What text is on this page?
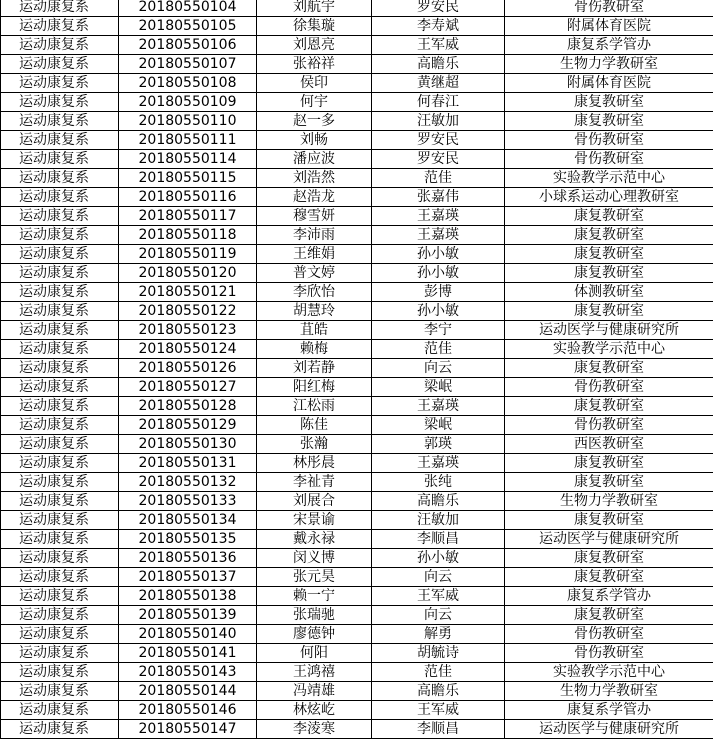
运动康复系	20180550104	刘航宇	罗安民	骨伤教研室
运动康复系	20180550105	徐集璇	李寿斌	附属体育医院
运动康复系	20180550106	刘恩亮	王军威	康复系学管办
运动康复系	20180550107	张裕祥	高瞻乐	生物力学教研室
运动康复系	20180550108	侯印	黄继超	附属体育医院
运动康复系	20180550109	何宇	何春江	康复教研室
运动康复系	20180550110	赵一多	汪敏加	康复教研室
运动康复系	20180550111	刘畅	罗安民	骨伤教研室
运动康复系	20180550114	潘应波	罗安民	骨伤教研室
运动康复系	20180550115	刘浩然	范佳	实验教学示范中心
运动康复系	20180550116	赵浩龙	张嘉伟	小球系运动心理教研室
运动康复系	20180550117	穆雪妍	王嘉瑛	康复教研室
运动康复系	20180550118	李沛雨	王嘉瑛	康复教研室
运动康复系	20180550119	王维娟	孙小敏	康复教研室
运动康复系	20180550120	普文婷	孙小敏	康复教研室
运动康复系	20180550121	李欣怡	彭博	体测教研室
运动康复系	20180550122	胡慧玲	孙小敏	康复教研室
运动康复系	20180550123	苴皓	李宁	运动医学与健康研究所
运动康复系	20180550124	赖梅	范佳	实验教学示范中心
运动康复系	20180550126	刘若静	向云	康复教研室
运动康复系	20180550127	阳红梅	梁岷	骨伤教研室
运动康复系	20180550128	江松雨	王嘉瑛	康复教研室
运动康复系	20180550129	陈佳	梁岷	骨伤教研室
运动康复系	20180550130	张瀚	郭瑛	西医教研室
运动康复系	20180550131	林彤晨	王嘉瑛	康复教研室
运动康复系	20180550132	李祉青	张纯	康复教研室
运动康复系	20180550133	刘展合	高瞻乐	生物力学教研室
运动康复系	20180550134	宋景谕	汪敏加	康复教研室
运动康复系	20180550135	戴永禄	李顺昌	运动医学与健康研究所
运动康复系	20180550136	闵义博	孙小敏	康复教研室
运动康复系	20180550137	张元昊	向云	康复教研室
运动康复系	20180550138	赖一宁	王军威	康复系学管办
运动康复系	20180550139	张瑞驰	向云	康复教研室
运动康复系	20180550140	廖德钟	解勇	骨伤教研室
运动康复系	20180550141	何阳	胡毓诗	骨伤教研室
运动康复系	20180550143	王鸿禧	范佳	实验教学示范中心
运动康复系	20180550144	冯靖雄	高瞻乐	生物力学教研室
运动康复系	20180550146	林炫屹	王军威	康复系学管办
运动康复系	20180550147	李淩寒	李顺昌	运动医学与健康研究所
